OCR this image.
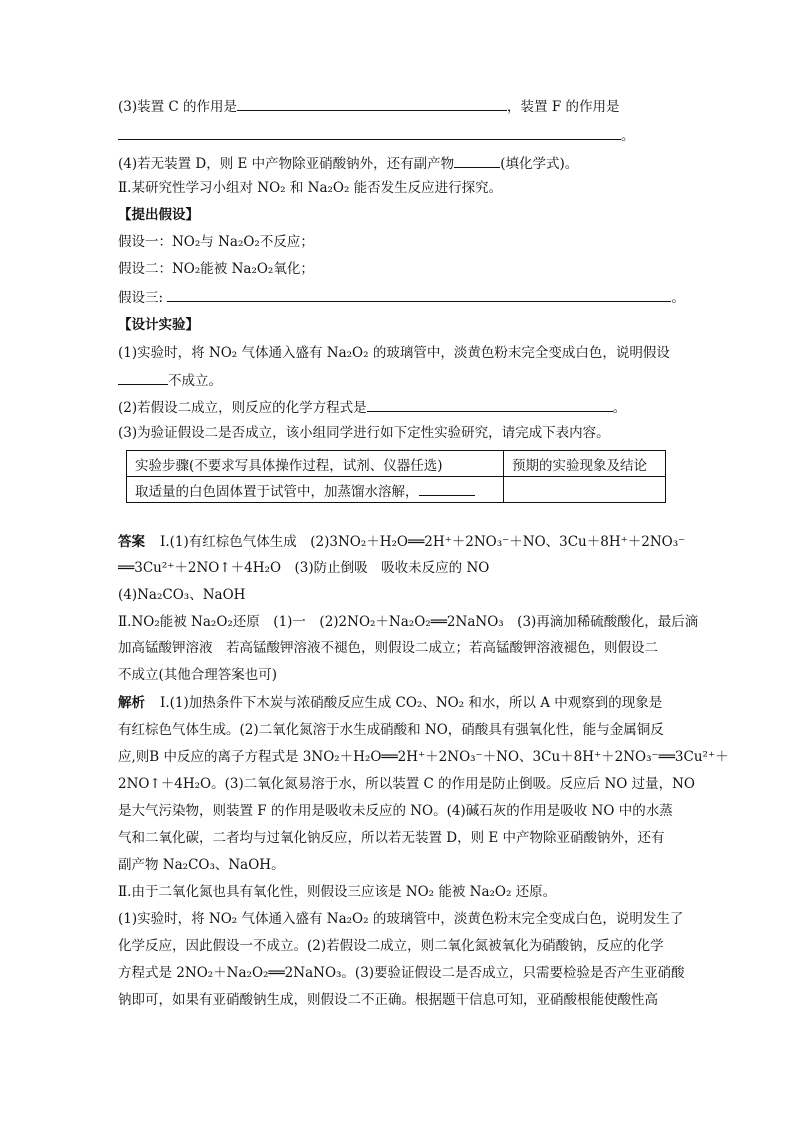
(3)装置 C 的作用是	，装置 F 的作用是
。
(4)若无装置 D，则 E 中产物除亚硝酸钠外，还有副产物	(填化学式)。
Ⅱ.某研究性学习小组对 NO₂ 和 Na₂O₂ 能否发生反应进行探究。
【提出假设】
假设一：NO₂与 Na₂O₂不反应；
假设二：NO₂能被 Na₂O₂氧化；
假设三:	。
【设计实验】
(1)实验时，将 NO₂ 气体通入盛有 Na₂O₂ 的玻璃管中，淡黄色粉末完全变成白色，说明假设
不成立。
(2)若假设二成立，则反应的化学方程式是	。
(3)为验证假设二是否成立，该小组同学进行如下定性实验研究，请完成下表内容。
实验步骤(不要求写具体操作过程，试剂、仪器任选)	预期的实验现象及结论
取适量的白色固体置于试管中，加蒸馏水溶解，	
答案 Ⅰ.(1)有红棕色气体生成　(2)3NO₂＋H₂O══2H⁺＋2NO₃⁻＋NO、3Cu＋8H⁺＋2NO₃⁻
══3Cu²⁺＋2NO↑＋4H₂O　(3)防止倒吸　吸收未反应的 NO
(4)Na₂CO₃、NaOH
Ⅱ.NO₂能被 Na₂O₂还原　(1)一　(2)2NO₂＋Na₂O₂══2NaNO₃　(3)再滴加稀硫酸酸化，最后滴
加高锰酸钾溶液　若高锰酸钾溶液不褪色，则假设二成立；若高锰酸钾溶液褪色，则假设二
不成立(其他合理答案也可)
解析 Ⅰ.(1)加热条件下木炭与浓硝酸反应生成 CO₂、NO₂ 和水，所以 A 中观察到的现象是
有红棕色气体生成。(2)二氧化氮溶于水生成硝酸和 NO，硝酸具有强氧化性，能与金属铜反
应,则B 中反应的离子方程式是 3NO₂＋H₂O══2H⁺＋2NO₃⁻＋NO、3Cu＋8H⁺＋2NO₃⁻══3Cu²⁺＋
2NO↑＋4H₂O。(3)二氧化氮易溶于水，所以装置 C 的作用是防止倒吸。反应后 NO 过量，NO
是大气污染物，则装置 F 的作用是吸收未反应的 NO。(4)碱石灰的作用是吸收 NO 中的水蒸
气和二氧化碳，二者均与过氧化钠反应，所以若无装置 D，则 E 中产物除亚硝酸钠外，还有
副产物 Na₂CO₃、NaOH。
Ⅱ.由于二氧化氮也具有氧化性，则假设三应该是 NO₂ 能被 Na₂O₂ 还原。
(1)实验时，将 NO₂ 气体通入盛有 Na₂O₂ 的玻璃管中，淡黄色粉末完全变成白色，说明发生了
化学反应，因此假设一不成立。(2)若假设二成立，则二氧化氮被氧化为硝酸钠，反应的化学
方程式是 2NO₂＋Na₂O₂══2NaNO₃。(3)要验证假设二是否成立，只需要检验是否产生亚硝酸
钠即可，如果有亚硝酸钠生成，则假设二不正确。根据题干信息可知，亚硝酸根能使酸性高
